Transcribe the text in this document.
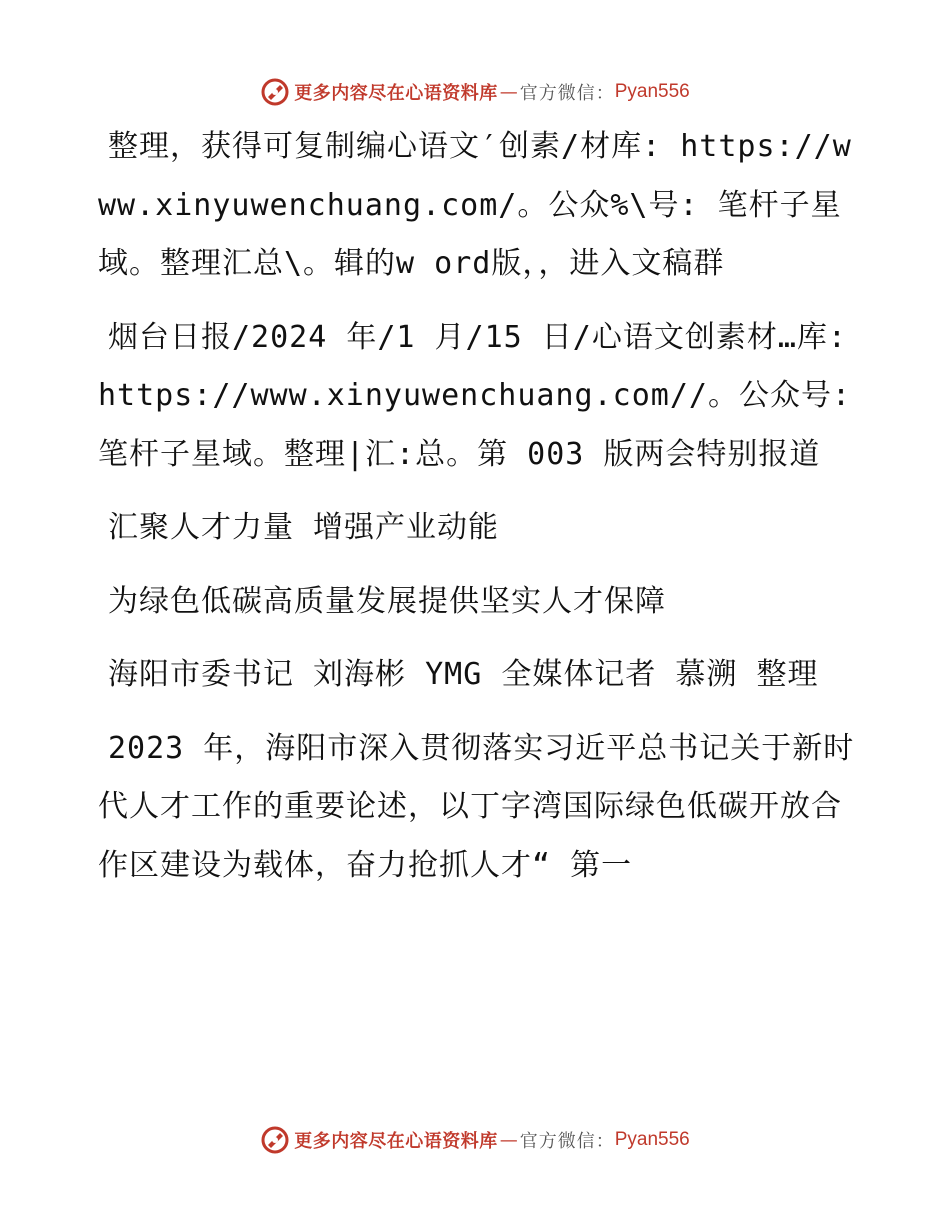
更多内容尽在心语资料库 — 官方微信： Pyan556

整理，获得可复制编心语文′创素/材库: https://www.xinyuwenchuang.com/。公众%\号: 笔杆子星域。整理汇总\。辑的w ord版，，进入文稿群

烟台日报/2024 年/1 月/15 日/心语文创素材…库: https://www.xinyuwenchuang.com//。公众号: 笔杆子星域。整理|汇:总。第 003 版两会特别报道

汇聚人才力量 增强产业动能

为绿色低碳高质量发展提供坚实人才保障

海阳市委书记 刘海彬 YMG 全媒体记者 慕溯 整理

2023 年，海阳市深入贯彻落实习近平总书记关于新时代人才工作的重要论述，以丁字湾国际绿色低碳开放合作区建设为载体，奋力抢抓人才“ 第一

更多内容尽在心语资料库 — 官方微信： Pyan556
